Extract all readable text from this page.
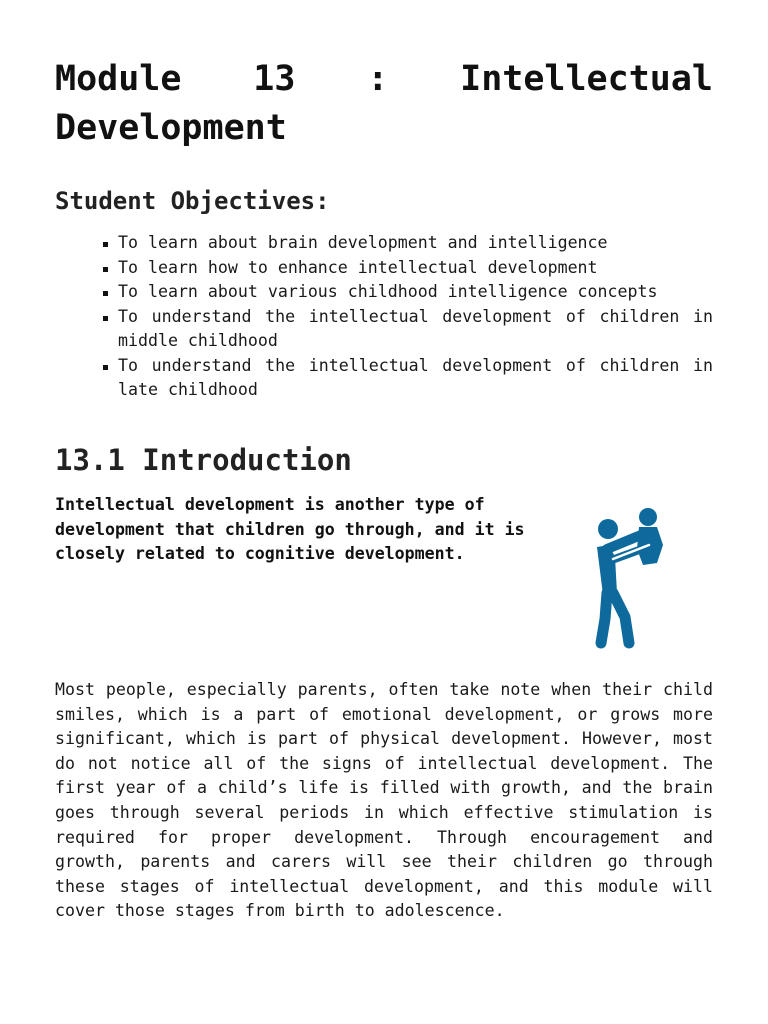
Module 13 : Intellectual Development
Student Objectives:
To learn about brain development and intelligence
To learn how to enhance intellectual development
To learn about various childhood intelligence concepts
To understand the intellectual development of children in middle childhood
To understand the intellectual development of children in late childhood
13.1 Introduction

Intellectual development is another type of development that children go through, and it is closely related to cognitive development.

Most people, especially parents, often take note when their child smiles, which is a part of emotional development, or grows more significant, which is part of physical development. However, most do not notice all of the signs of intellectual development. The first year of a child’s life is filled with growth, and the brain goes through several periods in which effective stimulation is required for proper development. Through encouragement and growth, parents and carers will see their children go through these stages of intellectual development, and this module will cover those stages from birth to adolescence.
